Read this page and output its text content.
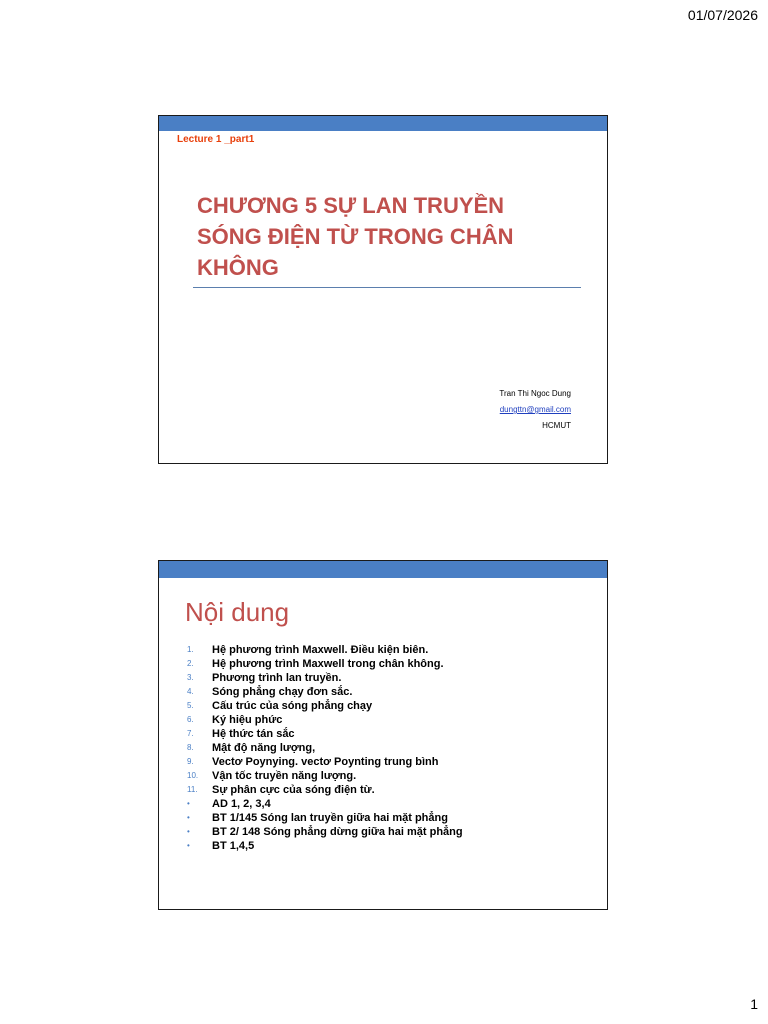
01/07/2026
Lecture 1 _part1
CHƯƠNG 5 SỰ LAN TRUYỀN
SÓNG ĐIỆN TỪ TRONG CHÂN
KHÔNG
Tran Thi Ngoc Dung
dungttn@gmail.com
HCMUT
Nội dung
1.	Hệ phương trình Maxwell. Điều kiện biên.
2.	Hệ phương trình Maxwell trong chân không.
3.	Phương trình lan truyền.
4.	Sóng phẳng chạy đơn sắc.
5.	Cấu trúc của sóng phẳng chạy
6.	Ký hiệu phức
7.	Hệ thức tán sắc
8.	Mật độ năng lượng,
9.	Vectơ Poynying. vectơ Poynting trung bình
10.	Vận tốc truyền năng lượng.
11.	Sự phân cực của sóng điện từ.
•	AD 1, 2, 3,4
•	BT 1/145 Sóng lan truyền giữa hai mặt phẳng
•	BT 2/ 148 Sóng phẳng dừng giữa hai mặt phẳng
•	BT 1,4,5
1
